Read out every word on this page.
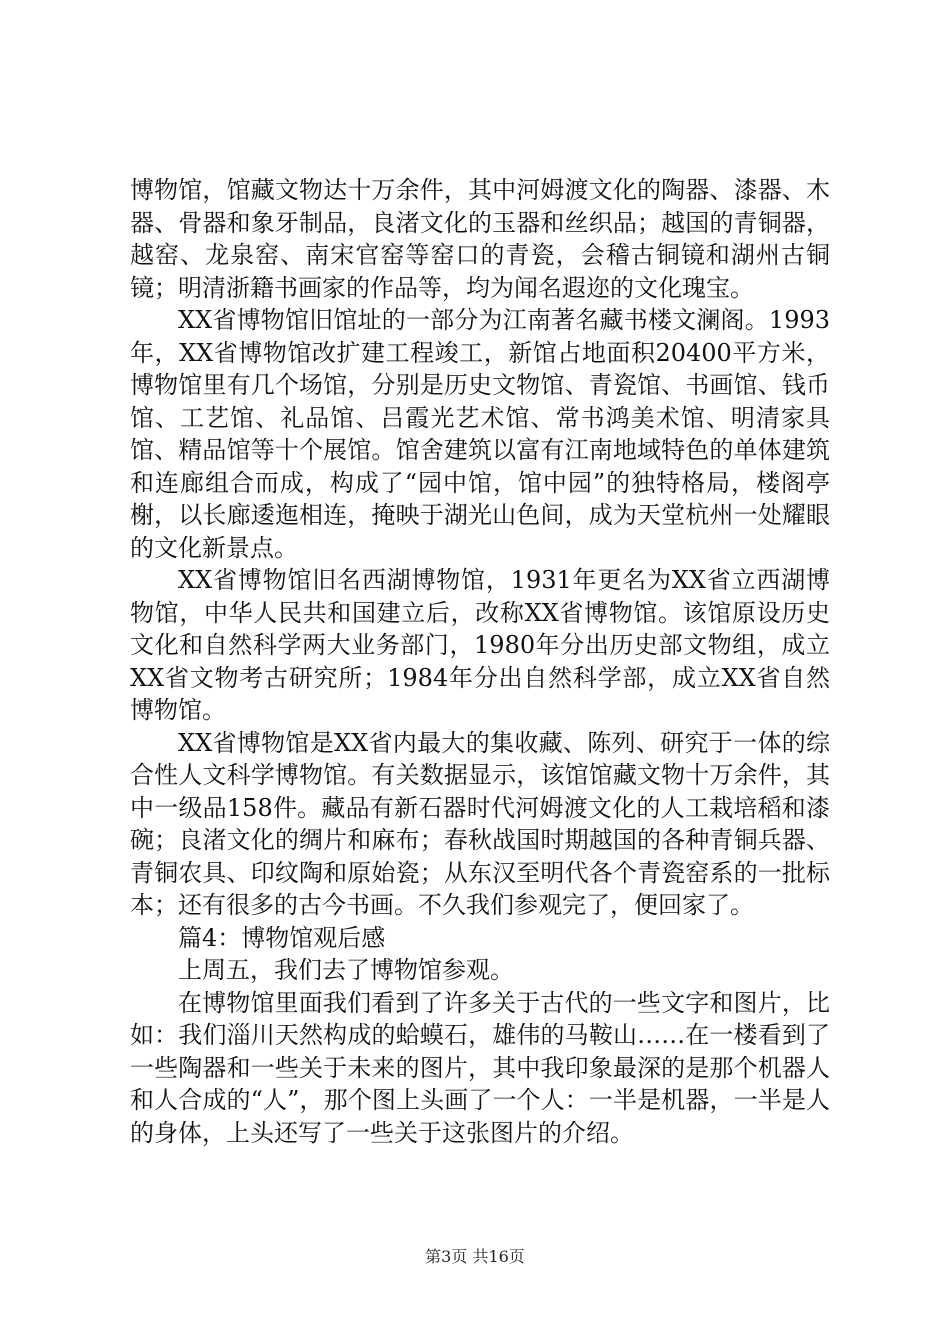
博物馆，馆藏文物达十万余件，其中河姆渡文化的陶器、漆器、木器、骨器和象牙制品，良渚文化的玉器和丝织品；越国的青铜器，越窑、龙泉窑、南宋官窑等窑口的青瓷，会稽古铜镜和湖州古铜镜；明清浙籍书画家的作品等，均为闻名遐迩的文化瑰宝。

XX省博物馆旧馆址的一部分为江南著名藏书楼文澜阁。1993年，XX省博物馆改扩建工程竣工，新馆占地面积20400平方米，博物馆里有几个场馆，分别是历史文物馆、青瓷馆、书画馆、钱币馆、工艺馆、礼品馆、吕霞光艺术馆、常书鸿美术馆、明清家具馆、精品馆等十个展馆。馆舍建筑以富有江南地域特色的单体建筑和连廊组合而成，构成了“园中馆，馆中园”的独特格局，楼阁亭榭，以长廊逶迤相连，掩映于湖光山色间，成为天堂杭州一处耀眼的文化新景点。

XX省博物馆旧名西湖博物馆，1931年更名为XX省立西湖博物馆，中华人民共和国建立后，改称XX省博物馆。该馆原设历史文化和自然科学两大业务部门，1980年分出历史部文物组，成立XX省文物考古研究所；1984年分出自然科学部，成立XX省自然博物馆。

XX省博物馆是XX省内最大的集收藏、陈列、研究于一体的综合性人文科学博物馆。有关数据显示，该馆馆藏文物十万余件，其中一级品158件。藏品有新石器时代河姆渡文化的人工栽培稻和漆碗；良渚文化的绸片和麻布；春秋战国时期越国的各种青铜兵器、青铜农具、印纹陶和原始瓷；从东汉至明代各个青瓷窑系的一批标本；还有很多的古今书画。不久我们参观完了，便回家了。

篇4：博物馆观后感

上周五，我们去了博物馆参观。

在博物馆里面我们看到了许多关于古代的一些文字和图片，比如：我们淄川天然构成的蛤蟆石，雄伟的马鞍山……在一楼看到了一些陶器和一些关于未来的图片，其中我印象最深的是那个机器人和人合成的“人”，那个图上头画了一个人：一半是机器，一半是人的身体，上头还写了一些关于这张图片的介绍。

第3页 共16页
